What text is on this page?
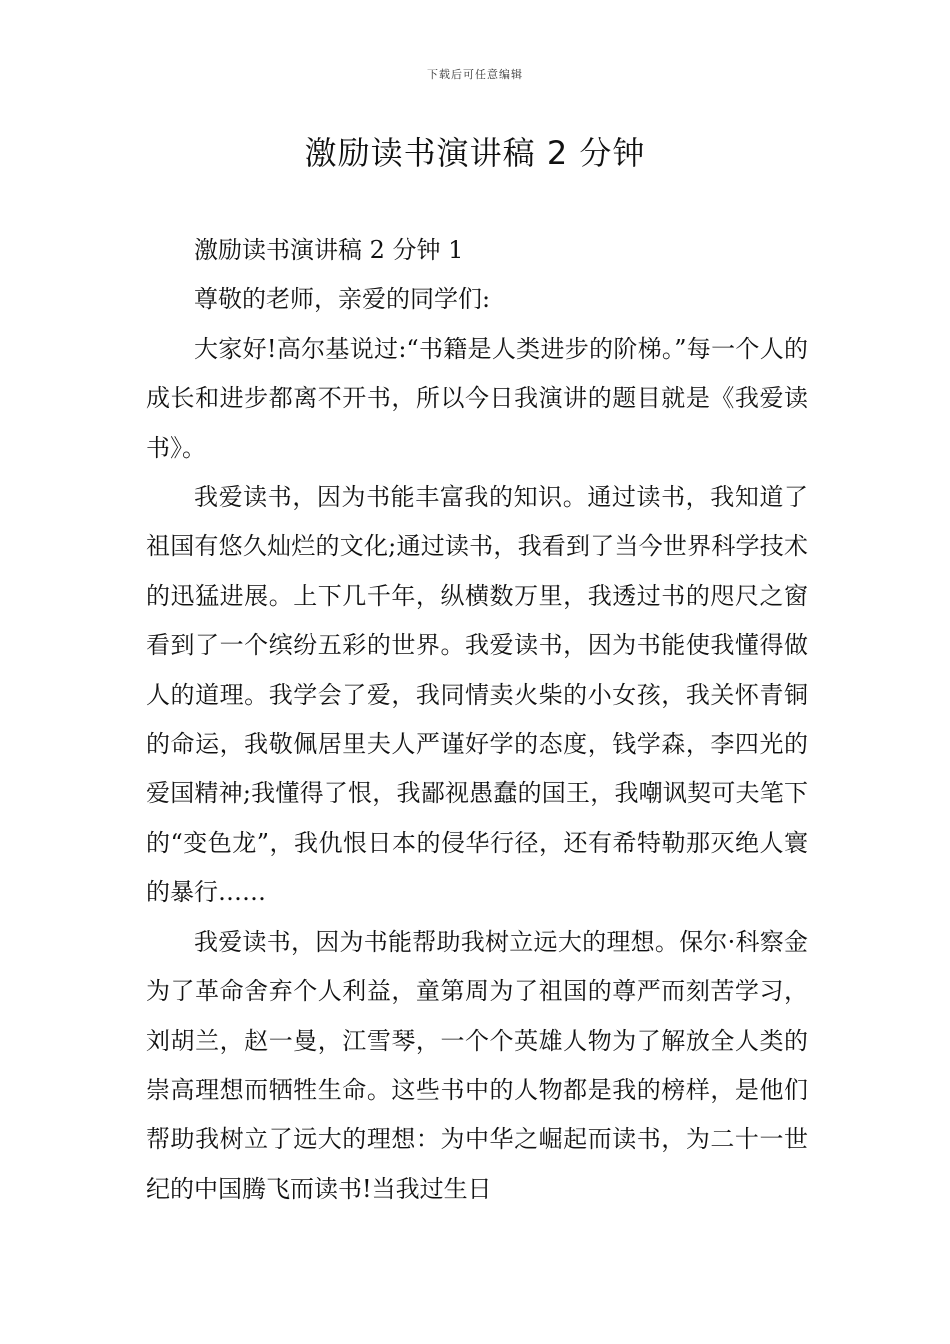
下载后可任意编辑
激励读书演讲稿 2 分钟

激励读书演讲稿 2 分钟 1

尊敬的老师，亲爱的同学们:

大家好!高尔基说过:“书籍是人类进步的阶梯。”每一个人的成长和进步都离不开书，所以今日我演讲的题目就是《我爱读书》。

我爱读书，因为书能丰富我的知识。通过读书，我知道了祖国有悠久灿烂的文化;通过读书，我看到了当今世界科学技术的迅猛进展。上下几千年，纵横数万里，我透过书的咫尺之窗看到了一个缤纷五彩的世界。我爱读书，因为书能使我懂得做人的道理。我学会了爱，我同情卖火柴的小女孩，我关怀青铜的命运，我敬佩居里夫人严谨好学的态度，钱学森，李四光的爱国精神;我懂得了恨，我鄙视愚蠢的国王，我嘲讽契可夫笔下的“变色龙”，我仇恨日本的侵华行径，还有希特勒那灭绝人寰的暴行……

我爱读书，因为书能帮助我树立远大的理想。保尔·科察金为了革命舍弃个人利益，童第周为了祖国的尊严而刻苦学习，刘胡兰，赵一曼，江雪琴，一个个英雄人物为了解放全人类的崇高理想而牺牲生命。这些书中的人物都是我的榜样，是他们帮助我树立了远大的理想：为中华之崛起而读书，为二十一世纪的中国腾飞而读书!当我过生日
